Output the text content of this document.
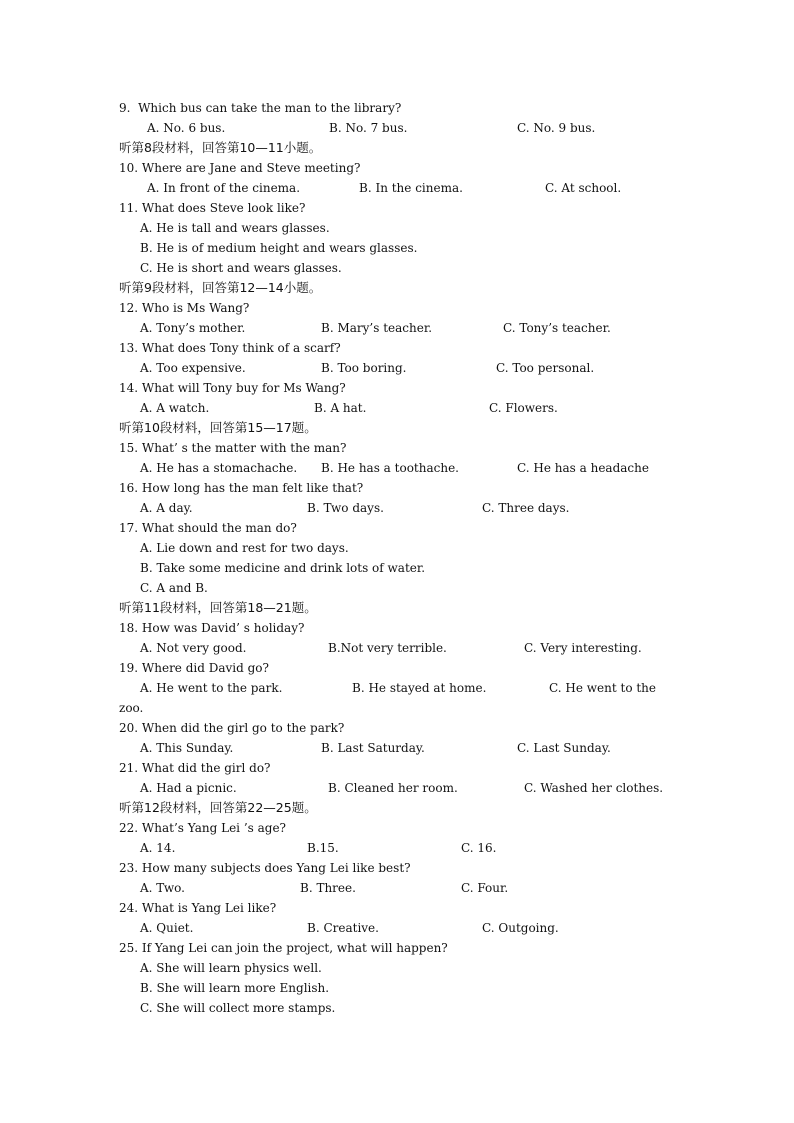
9.  Which bus can take the man to the library?
A. No. 6 bus.	B. No. 7 bus.	C. No. 9 bus.
听第8段材料，回答第10—11小题。
10. Where are Jane and Steve meeting?
A. In front of the cinema.	B. In the cinema.	C. At school.
11. What does Steve look like?
A. He is tall and wears glasses.
B. He is of medium height and wears glasses.
C. He is short and wears glasses.
听第9段材料，回答第12—14小题。
12. Who is Ms Wang?
A. Tony’s mother.	B. Mary’s teacher.	C. Tony’s teacher.
13. What does Tony think of a scarf?
A. Too expensive.	B. Too boring.	C. Too personal.
14. What will Tony buy for Ms Wang?
A. A watch.	B. A hat.	C. Flowers.
听第10段材料，回答第15—17题。
15. What’ s the matter with the man?
A. He has a stomachache. B. He has a toothache.	C. He has a headache
16. How long has the man felt like that?
A. A day.	B. Two days.	C. Three days.
17. What should the man do?
A. Lie down and rest for two days.
B. Take some medicine and drink lots of water.
C. A and B.
听第11段材料，回答第18—21题。
18. How was David’ s holiday?
A. Not very good.	B.Not very terrible.	C. Very interesting.
19. Where did David go?
A. He went to the park.	B. He stayed at home.	C. He went to the
zoo.
20. When did the girl go to the park?
A. This Sunday.	B. Last Saturday.	C. Last Sunday.
21. What did the girl do?
A. Had a picnic.	B. Cleaned her room.	C. Washed her clothes.
听第12段材料，回答第22—25题。
22. What’s Yang Lei ’s age?
A. 14.	B.15.	C. 16.
23. How many subjects does Yang Lei like best?
A. Two.	B. Three.	C. Four.
24. What is Yang Lei like?
A. Quiet.	B. Creative.	C. Outgoing.
25. If Yang Lei can join the project, what will happen?
A. She will learn physics well.
B. She will learn more English.
C. She will collect more stamps.
